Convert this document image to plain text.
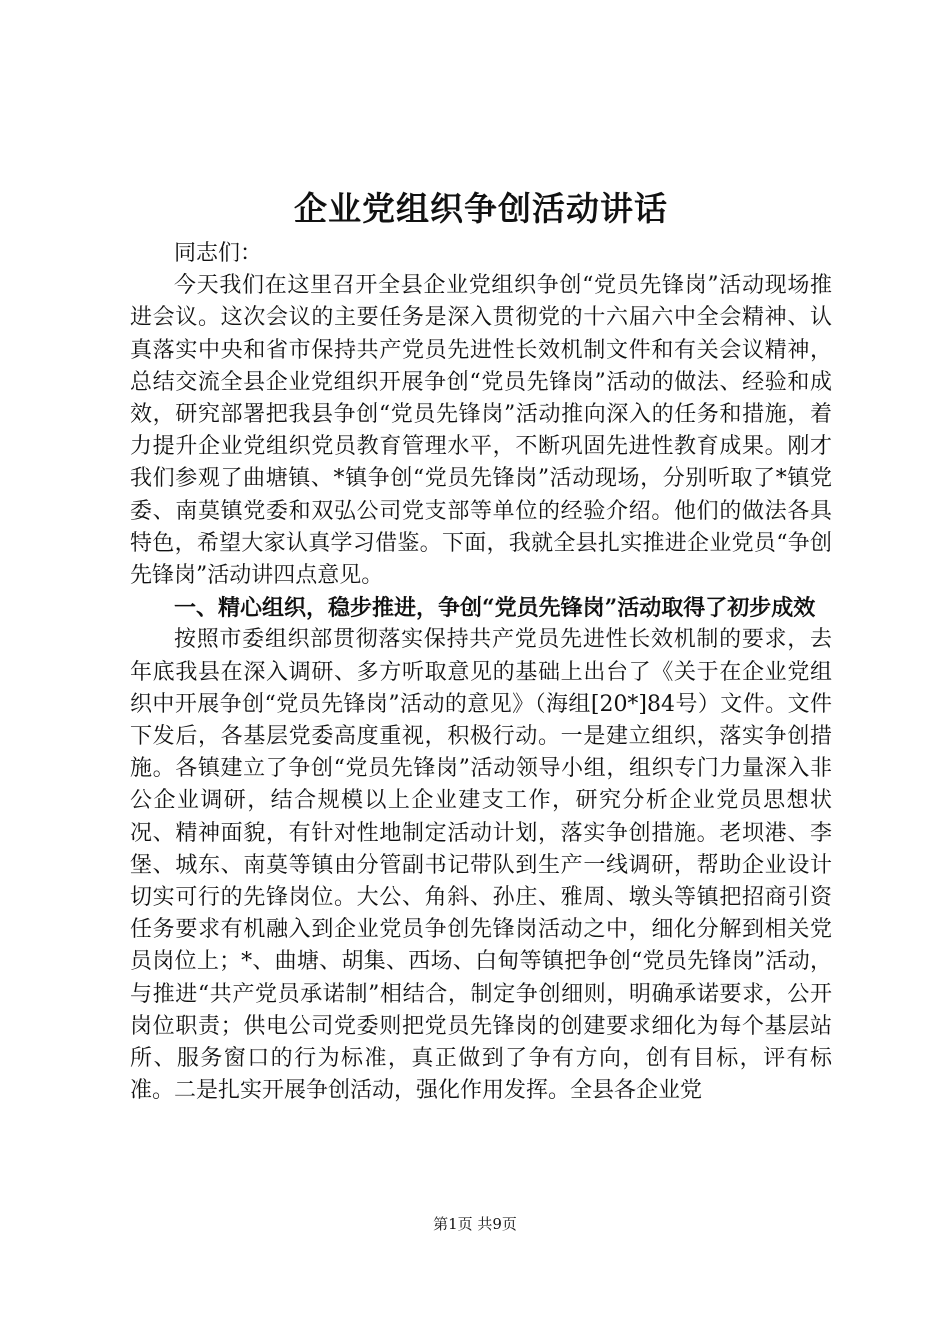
企业党组织争创活动讲话

同志们：

今天我们在这里召开全县企业党组织争创“党员先锋岗”活动现场推进会议。这次会议的主要任务是深入贯彻党的十六届六中全会精神、认真落实中央和省市保持共产党员先进性长效机制文件和有关会议精神，总结交流全县企业党组织开展争创“党员先锋岗”活动的做法、经验和成效，研究部署把我县争创“党员先锋岗”活动推向深入的任务和措施，着力提升企业党组织党员教育管理水平，不断巩固先进性教育成果。刚才我们参观了曲塘镇、*镇争创“党员先锋岗”活动现场，分别听取了*镇党委、南莫镇党委和双弘公司党支部等单位的经验介绍。他们的做法各具特色，希望大家认真学习借鉴。下面，我就全县扎实推进企业党员“争创先锋岗”活动讲四点意见。

一、精心组织，稳步推进，争创“党员先锋岗”活动取得了初步成效

按照市委组织部贯彻落实保持共产党员先进性长效机制的要求，去年底我县在深入调研、多方听取意见的基础上出台了《关于在企业党组织中开展争创“党员先锋岗”活动的意见》（海组[20*]84号）文件。文件下发后，各基层党委高度重视，积极行动。一是建立组织，落实争创措施。各镇建立了争创“党员先锋岗”活动领导小组，组织专门力量深入非公企业调研，结合规模以上企业建支工作，研究分析企业党员思想状况、精神面貌，有针对性地制定活动计划，落实争创措施。老坝港、李堡、城东、南莫等镇由分管副书记带队到生产一线调研，帮助企业设计切实可行的先锋岗位。大公、角斜、孙庄、雅周、墩头等镇把招商引资任务要求有机融入到企业党员争创先锋岗活动之中，细化分解到相关党员岗位上；*、曲塘、胡集、西场、白甸等镇把争创“党员先锋岗”活动，与推进“共产党员承诺制”相结合，制定争创细则，明确承诺要求，公开岗位职责；供电公司党委则把党员先锋岗的创建要求细化为每个基层站所、服务窗口的行为标准，真正做到了争有方向，创有目标，评有标准。二是扎实开展争创活动，强化作用发挥。全县各企业党

第1页 共9页
